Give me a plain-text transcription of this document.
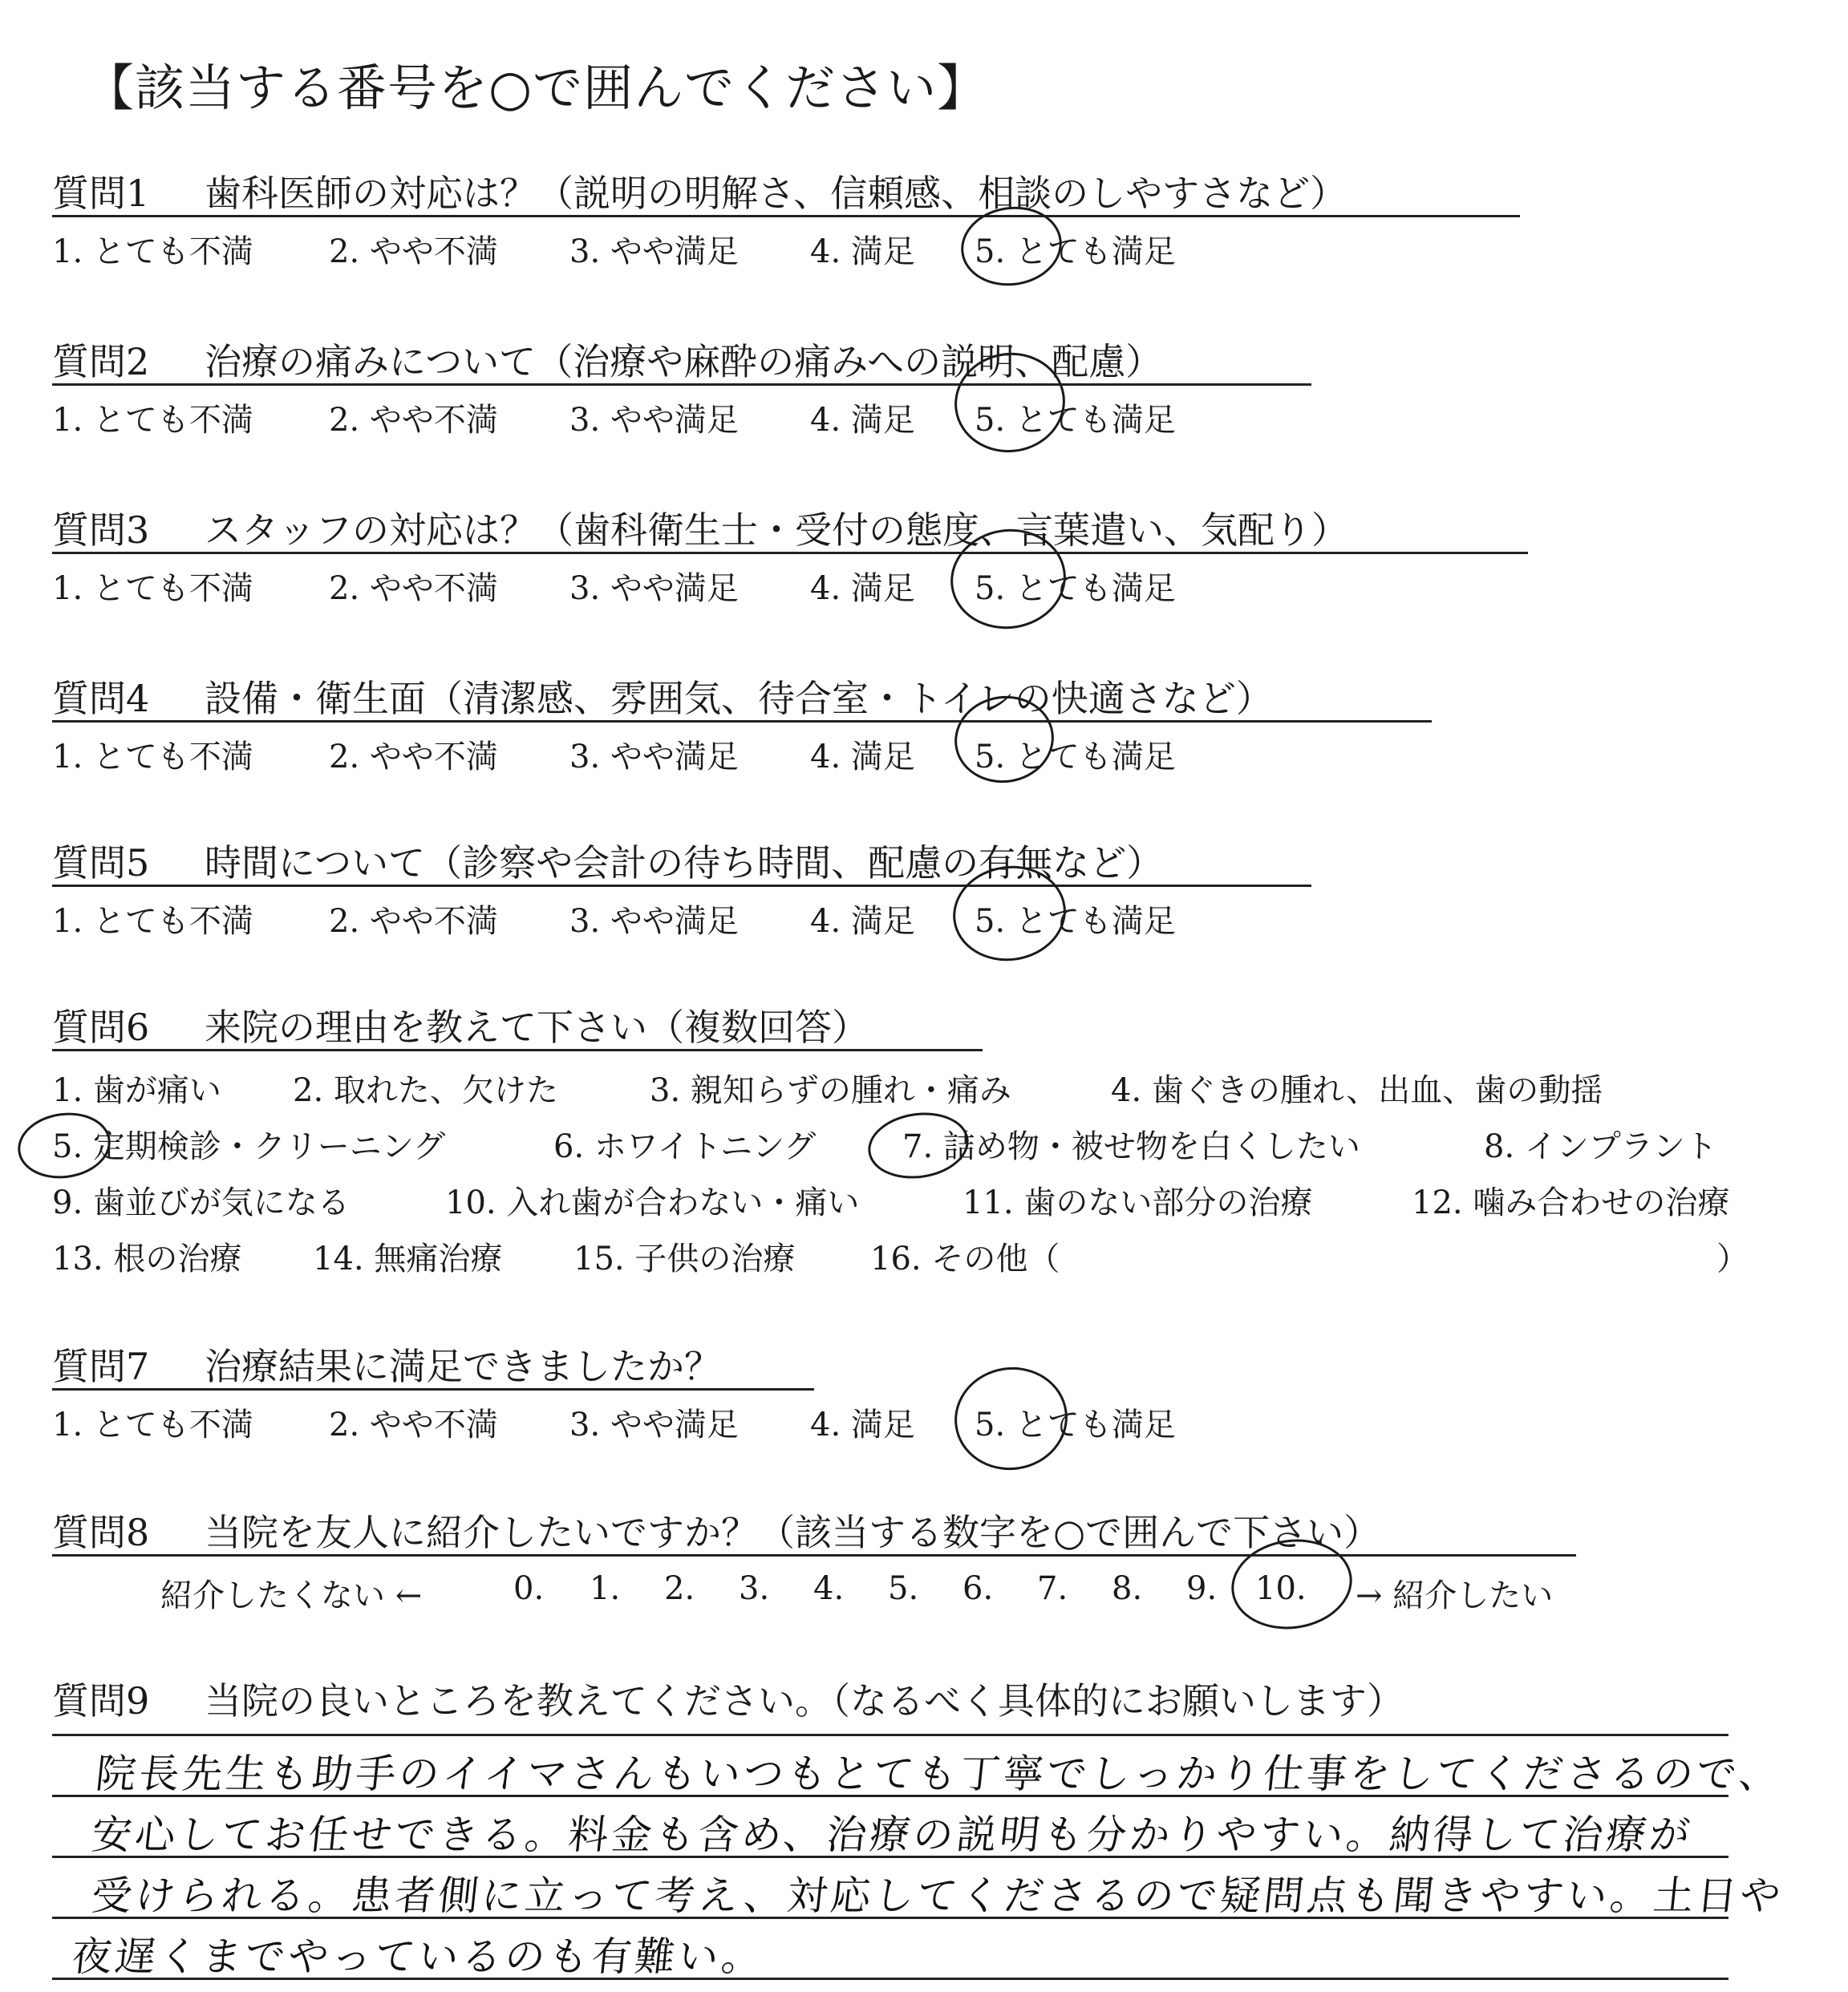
【該当する番号を○で囲んでください】
質問1 歯科医師の対応は？（説明の明解さ、信頼感、相談のしやすさなど）
1. とても不満 2. やや不満 3. やや満足 4. 満足 5. とても満足
質問2 治療の痛みについて（治療や麻酔の痛みへの説明、配慮）
1. とても不満 2. やや不満 3. やや満足 4. 満足 5. とても満足
質問3 スタッフの対応は？（歯科衛生士・受付の態度、言葉遣い、気配り）
1. とても不満 2. やや不満 3. やや満足 4. 満足 5. とても満足
質問4 設備・衛生面（清潔感、雰囲気、待合室・トイレの快適さなど）
1. とても不満 2. やや不満 3. やや満足 4. 満足 5. とても満足
質問5 時間について（診察や会計の待ち時間、配慮の有無など）
1. とても不満 2. やや不満 3. やや満足 4. 満足 5. とても満足
質問6 来院の理由を教えて下さい（複数回答）
1. 歯が痛い 2. 取れた、欠けた	3. 親知らずの腫れ・痛み	4. 歯ぐきの腫れ、出血、歯の動揺
5. 定期検診・クリーニング	6. ホワイトニング	7. 詰め物・被せ物を白くしたい	8. インプラント
9. 歯並びが気になる	10. 入れ歯が合わない・痛い	11. 歯のない部分の治療	12. 噛み合わせの治療
13. 根の治療 14. 無痛治療 15. 子供の治療 16. その他（	）
質問7 治療結果に満足できましたか？
1. とても不満 2. やや不満 3. やや満足 4. 満足 5. とても満足
質問8 当院を友人に紹介したいですか？（該当する数字を○で囲んで下さい）
紹介したくない ←	0. 1. 2. 3. 4. 5. 6. 7. 8. 9. 10. → 紹介したい
質問9 当院の良いところを教えてください。（なるべく具体的にお願いします）
院長先生も助手のイイマさんもいつもとても丁寧でしっかり仕事をしてくださるので、
安心してお任せできる。料金も含め、治療の説明も分かりやすい。納得して治療が
受けられる。患者側に立って考え、対応してくださるので疑問点も聞きやすい。土日や
夜遅くまでやっているのも有難い。
